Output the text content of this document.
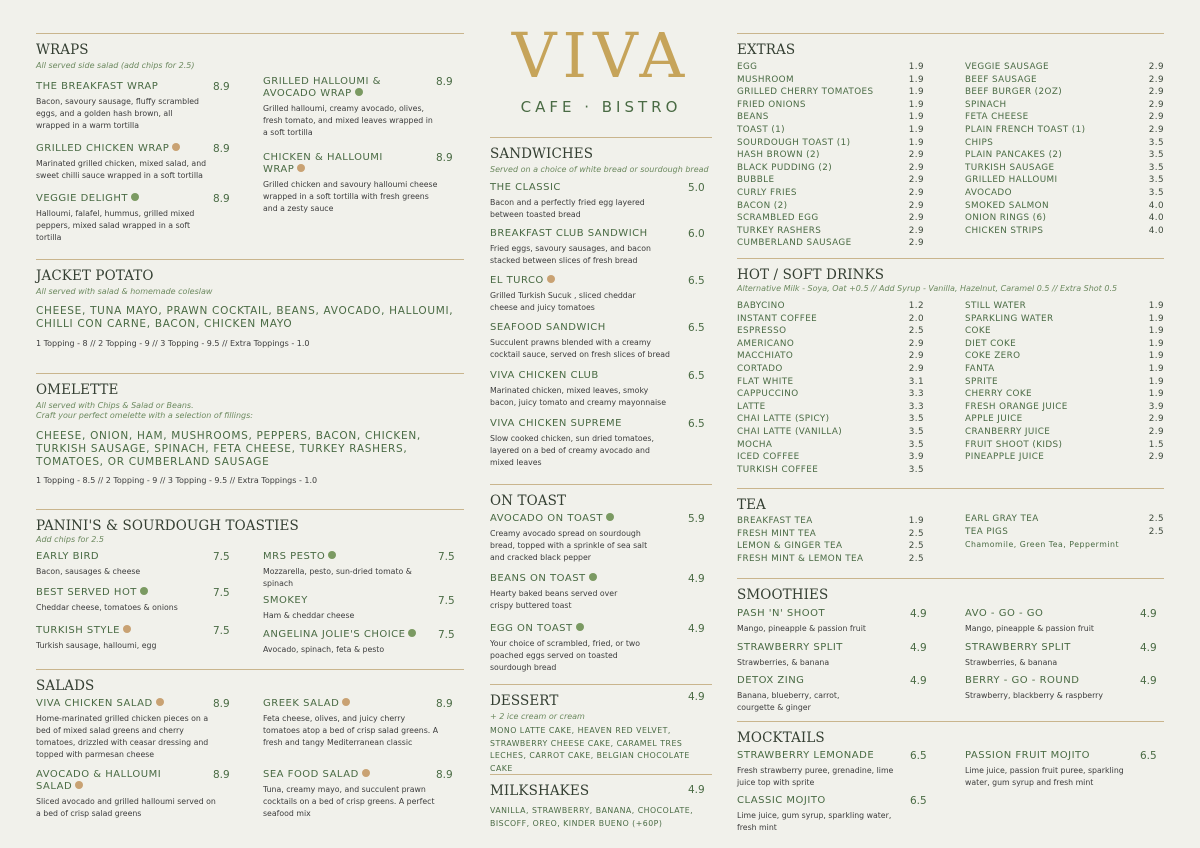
WRAPS
All served side salad (add chips for 2.5)
THE BREAKFAST WRAP
Bacon, savoury sausage, fluffy scrambled eggs, and a golden hash brown, all wrapped in a warm tortilla
8.9
GRILLED CHICKEN WRAP
Marinated grilled chicken, mixed salad, and sweet chilli sauce wrapped in a soft tortilla
8.9
VEGGIE DELIGHT
Halloumi, falafel, hummus, grilled mixed peppers, mixed salad wrapped in a soft tortilla
8.9
GRILLED HALLOUMI & AVOCADO WRAP
Grilled halloumi, creamy avocado, olives, fresh tomato, and mixed leaves wrapped in a soft tortilla
8.9
CHICKEN & HALLOUMI WRAP
Grilled chicken and savoury halloumi cheese wrapped in a soft tortilla with fresh greens and a zesty sauce
8.9
JACKET POTATO
All served with salad & homemade coleslaw
CHEESE, TUNA MAYO, PRAWN COCKTAIL, BEANS, AVOCADO, HALLOUMI, CHILLI CON CARNE, BACON, CHICKEN MAYO
1 Topping - 8 // 2 Topping - 9 // 3 Topping - 9.5 // Extra Toppings - 1.0
OMELETTE
All served with Chips & Salad or Beans.
Craft your perfect omelette with a selection of fillings:
CHEESE, ONION, HAM, MUSHROOMS, PEPPERS, BACON, CHICKEN, TURKISH SAUSAGE, SPINACH, FETA CHEESE, TURKEY RASHERS, TOMATOES, OR CUMBERLAND SAUSAGE
1 Topping - 8.5 // 2 Topping - 9 // 3 Topping - 9.5 // Extra Toppings - 1.0
PANINI'S & SOURDOUGH TOASTIES
Add chips for 2.5
EARLY BIRD
Bacon, sausages & cheese
7.5
BEST SERVED HOT
Cheddar cheese, tomatoes & onions
7.5
TURKISH STYLE
Turkish sausage, halloumi, egg
7.5
MRS PESTO
Mozzarella, pesto, sun-dried tomato & spinach
7.5
SMOKEY
Ham & cheddar cheese
7.5
ANGELINA JOLIE'S CHOICE
Avocado, spinach, feta & pesto
7.5
SALADS
VIVA CHICKEN SALAD
Home-marinated grilled chicken pieces on a bed of mixed salad greens and cherry tomatoes, drizzled with ceasar dressing and topped with parmesan cheese
8.9
AVOCADO & HALLOUMI SALAD
Sliced avocado and grilled halloumi served on a bed of crisp salad greens
8.9
GREEK SALAD
Feta cheese, olives, and juicy cherry tomatoes atop a bed of crisp salad greens. A fresh and tangy Mediterranean classic
8.9
SEA FOOD SALAD
Tuna, creamy mayo, and succulent prawn cocktails on a bed of crisp greens. A perfect seafood mix
8.9
VIVA
CAFE · BISTRO
SANDWICHES
Served on a choice of white bread or sourdough bread
THE CLASSIC
Bacon and a perfectly fried egg layered between toasted bread
5.0
BREAKFAST CLUB SANDWICH
Fried eggs, savoury sausages, and bacon stacked between slices of fresh bread
6.0
EL TURCO
Grilled Turkish Sucuk , sliced cheddar cheese and juicy tomatoes
6.5
SEAFOOD SANDWICH
Succulent prawns blended with a creamy cocktail sauce, served on fresh slices of bread
6.5
VIVA CHICKEN CLUB
Marinated chicken, mixed leaves, smoky bacon, juicy tomato and creamy mayonnaise
6.5
VIVA CHICKEN SUPREME
Slow cooked chicken, sun dried tomatoes, layered on a bed of creamy avocado and mixed leaves
6.5
ON TOAST
AVOCADO ON TOAST
Creamy avocado spread on sourdough bread, topped with a sprinkle of sea salt and cracked black pepper
5.9
BEANS ON TOAST
Hearty baked beans served over crispy buttered toast
4.9
EGG ON TOAST
Your choice of scrambled, fried, or two poached eggs served on toasted sourdough bread
4.9
DESSERT	4.9
+ 2 ice cream or cream
MONO LATTE CAKE, HEAVEN RED VELVET, STRAWBERRY CHEESE CAKE, CARAMEL TRES LECHES, CARROT CAKE, BELGIAN CHOCOLATE CAKE
MILKSHAKES	4.9
VANILLA, STRAWBERRY, BANANA, CHOCOLATE, BISCOFF, OREO, KINDER BUENO (+60P)
EXTRAS
EGG	1.9
MUSHROOM	1.9
GRILLED CHERRY TOMATOES	1.9
FRIED ONIONS	1.9
BEANS	1.9
TOAST (1)	1.9
SOURDOUGH TOAST (1)	1.9
HASH BROWN (2)	2.9
BLACK PUDDING (2)	2.9
BUBBLE	2.9
CURLY FRIES	2.9
BACON (2)	2.9
SCRAMBLED EGG	2.9
TURKEY RASHERS	2.9
CUMBERLAND SAUSAGE	2.9
VEGGIE SAUSAGE	2.9
BEEF SAUSAGE	2.9
BEEF BURGER (2OZ)	2.9
SPINACH	2.9
FETA CHEESE	2.9
PLAIN FRENCH TOAST (1)	2.9
CHIPS	3.5
PLAIN PANCAKES (2)	3.5
TURKISH SAUSAGE	3.5
GRILLED HALLOUMI	3.5
AVOCADO	3.5
SMOKED SALMON	4.0
ONION RINGS (6)	4.0
CHICKEN STRIPS	4.0
HOT / SOFT DRINKS
Alternative Milk - Soya, Oat +0.5 // Add Syrup - Vanilla, Hazelnut, Caramel 0.5 // Extra Shot 0.5
BABYCINO	1.2
INSTANT COFFEE	2.0
ESPRESSO	2.5
AMERICANO	2.9
MACCHIATO	2.9
CORTADO	2.9
FLAT WHITE	3.1
CAPPUCCINO	3.3
LATTE	3.3
CHAI LATTE (SPICY)	3.5
CHAI LATTE (VANILLA)	3.5
MOCHA	3.5
ICED COFFEE	3.9
TURKISH COFFEE	3.5
STILL WATER	1.9
SPARKLING WATER	1.9
COKE	1.9
DIET COKE	1.9
COKE ZERO	1.9
FANTA	1.9
SPRITE	1.9
CHERRY COKE	1.9
FRESH ORANGE JUICE	3.9
APPLE JUICE	2.9
CRANBERRY JUICE	2.9
FRUIT SHOOT (KIDS)	1.5
PINEAPPLE JUICE	2.9
TEA
BREAKFAST TEA	1.9
FRESH MINT TEA	2.5
LEMON & GINGER TEA	2.5
FRESH MINT & LEMON TEA	2.5
EARL GRAY TEA	2.5
TEA PIGS	2.5
Chamomile, Green Tea, Peppermint
SMOOTHIES
PASH 'N' SHOOT
Mango, pineapple & passion fruit
4.9
STRAWBERRY SPLIT
Strawberries, & banana
4.9
DETOX ZING
Banana, blueberry, carrot, courgette & ginger
4.9
AVO - GO - GO
Mango, pineapple & passion fruit
4.9
STRAWBERRY SPLIT
Strawberries, & banana
4.9
BERRY - GO - ROUND
Strawberry, blackberry & raspberry
4.9
MOCKTAILS
STRAWBERRY LEMONADE
Fresh strawberry puree, grenadine, lime juice top with sprite
6.5
CLASSIC MOJITO
Lime juice, gum syrup, sparkling water, fresh mint
6.5
PASSION FRUIT MOJITO
Lime juice, passion fruit puree, sparkling water, gum syrup and fresh mint
6.5
